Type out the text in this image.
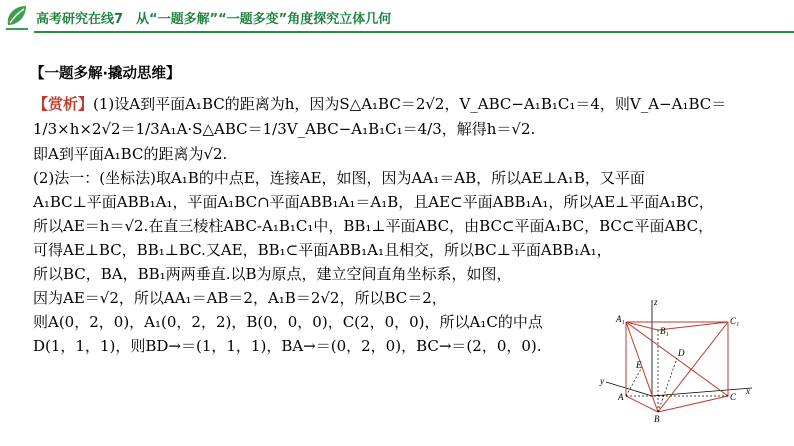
高考研究在线7　从“一题多解”“一题多变”角度探究立体几何
【一题多解·撬动思维】
【赏析】(1)设A到平面A₁BC的距离为h，因为S△A₁BC＝2√2，V_ABC−A₁B₁C₁＝4，则V_A−A₁BC＝
1/3×h×2√2＝1/3A₁A·S△ABC＝1/3V_ABC−A₁B₁C₁＝4/3，解得h＝√2.
即A到平面A₁BC的距离为√2.
(2)法一：(坐标法)取A₁B的中点E，连接AE，如图，因为AA₁＝AB，所以AE⊥A₁B，又平面
A₁BC⊥平面ABB₁A₁，平面A₁BC∩平面ABB₁A₁＝A₁B，且AE⊂平面ABB₁A₁，所以AE⊥平面A₁BC，
所以AE＝h＝√2.在直三棱柱ABC-A₁B₁C₁中，BB₁⊥平面ABC，由BC⊂平面A₁BC，BC⊂平面ABC，
可得AE⊥BC，BB₁⊥BC.又AE，BB₁⊂平面ABB₁A₁且相交，所以BC⊥平面ABB₁A₁，
所以BC，BA，BB₁两两垂直.以B为原点，建立空间直角坐标系，如图，
因为AE＝√2，所以AA₁＝AB＝2，A₁B＝2√2，所以BC＝2，
则A(0，2，0)，A₁(0，2，2)，B(0，0，0)，C(2，0，0)，所以A₁C的中点
D(1，1，1)，则BD→＝(1，1，1)，BA→＝(0，2，0)，BC→＝(2，0，0).
z
x
y
A₁
B₁
C₁
A
B
C
D
E
